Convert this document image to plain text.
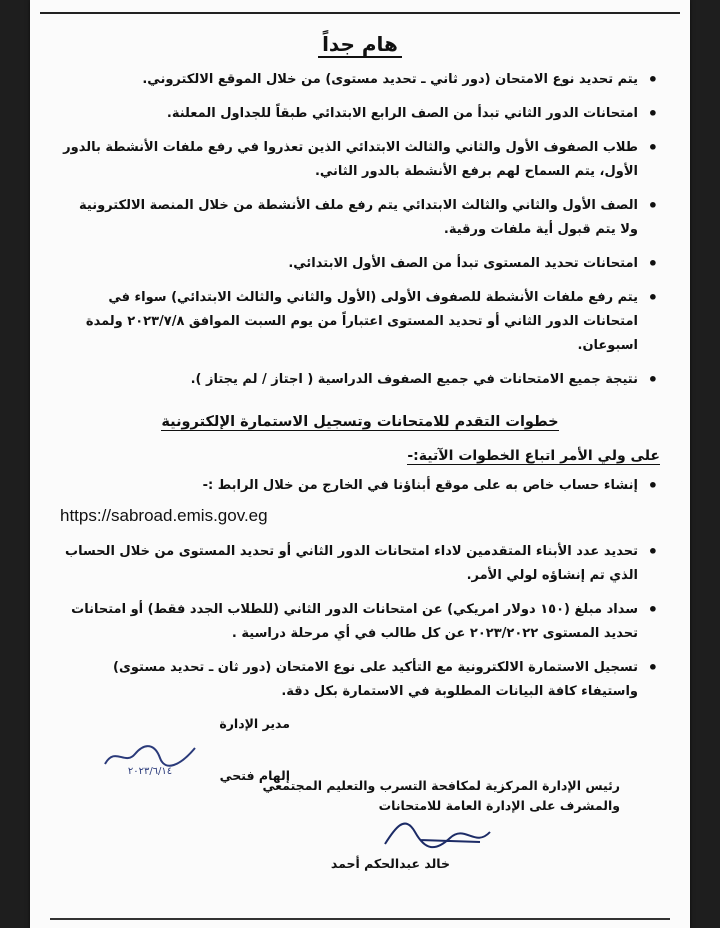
هام جداً
• يتم تحديد نوع الامتحان (دور ثاني ـ تحديد مستوى) من خلال الموقع الالكتروني.
• امتحانات الدور الثاني تبدأ من الصف الرابع الابتدائي طبقاً للجداول المعلنة.
• طلاب الصفوف الأول والثاني والثالث الابتدائي الذين تعذروا في رفع ملفات الأنشطة بالدور الأول، يتم السماح لهم برفع الأنشطة بالدور الثاني.
• الصف الأول والثاني والثالث الابتدائي يتم رفع ملف الأنشطة من خلال المنصة الالكترونية ولا يتم قبول أية ملفات ورقية.
• امتحانات تحديد المستوى تبدأ من الصف الأول الابتدائي.
• يتم رفع ملفات الأنشطة للصفوف الأولى (الأول والثاني والثالث الابتدائي) سواء في امتحانات الدور الثاني أو تحديد المستوى اعتباراً من يوم السبت الموافق ٢٠٢٣/٧/٨ ولمدة اسبوعان.
• نتيجة جميع الامتحانات في جميع الصفوف الدراسية ( اجتاز / لم يجتاز ).
خطوات التقدم للامتحانات وتسجيل الاستمارة الإلكترونية
على ولي الأمر اتباع الخطوات الآتية:-
• إنشاء حساب خاص به على موقع أبناؤنا في الخارج من خلال الرابط :-
https://sabroad.emis.gov.eg
• تحديد عدد الأبناء المتقدمين لاداء امتحانات الدور الثاني أو تحديد المستوى من خلال الحساب الذي تم إنشاؤه لولي الأمر.
• سداد مبلغ (١٥٠ دولار امريكي) عن امتحانات الدور الثاني (للطلاب الجدد فقط) أو امتحانات تحديد المستوى ٢٠٢٣/٢٠٢٢ عن كل طالب في أي مرحلة دراسية .
• تسجيل الاستمارة الالكترونية مع التأكيد على نوع الامتحان (دور ثان ـ تحديد مستوى) واستيفاء كافة البيانات المطلوبة في الاستمارة بكل دقة.
مدير الإدارة
إلهام فتحي
٢٠٢٣/٦/١٤
رئيس الإدارة المركزية لمكافحة التسرب والتعليم المجتمعي
والمشرف على الإدارة العامة للامتحانات
خالد عبدالحكم أحمد
